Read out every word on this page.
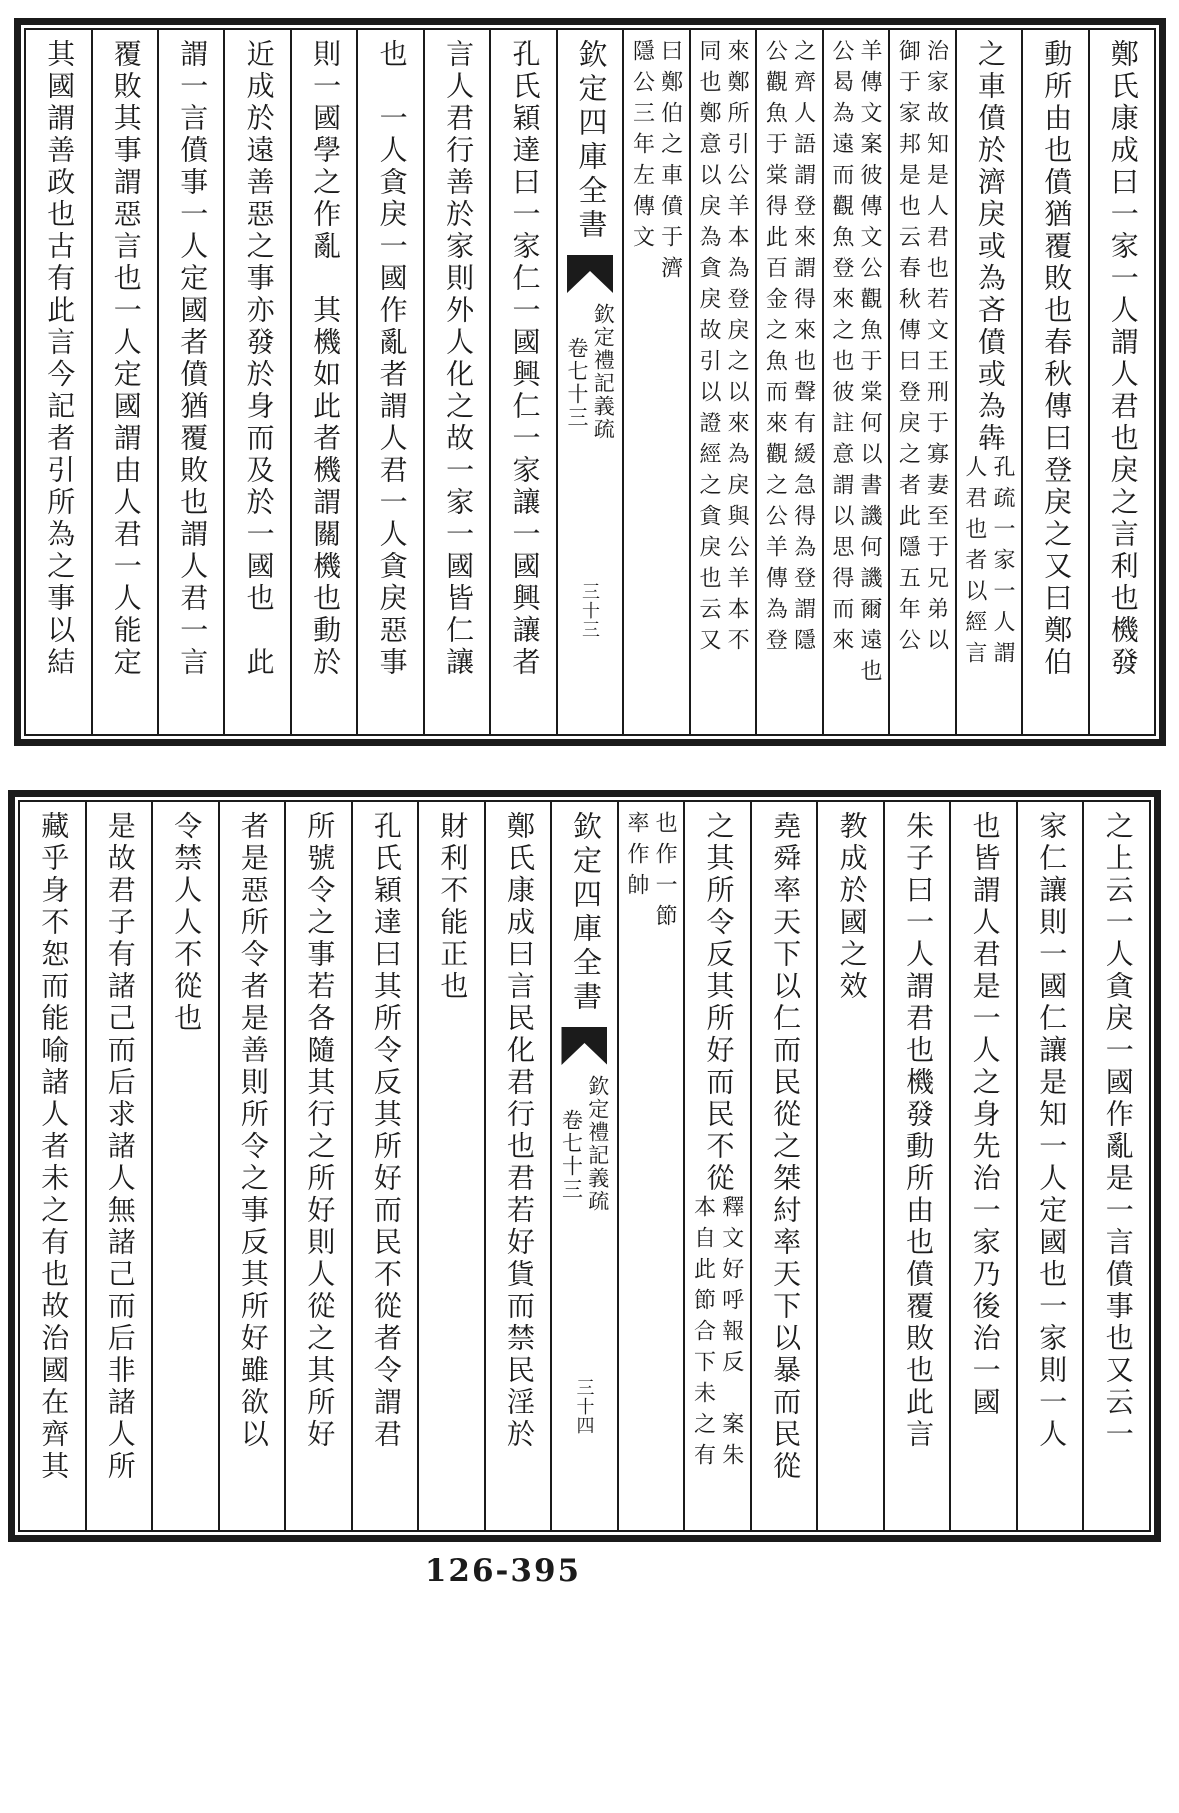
鄭氏康成曰一家一人謂人君也戾之言利也機發
動所由也僨猶覆敗也春秋傳曰登戾之又曰鄭伯
之車僨於濟戾或為吝僨或為犇
孔疏一家一人謂
人君也者以經言
治家故知是人君也若文王刑于寡妻至于兄弟以
御于家邦是也云春秋傳曰登戾之者此隱五年公
羊傳文案彼傳文公觀魚于棠何以書譏何譏爾遠也
公曷為遠而觀魚登來之也彼註意謂以思得而來
之齊人語謂登來謂得來也聲有緩急得為登謂隱
公觀魚于棠得此百金之魚而來觀之公羊傳為登
來鄭所引公羊本為登戾之以來為戾與公羊本不
同也鄭意以戾為貪戾故引以證經之貪戾也云又
曰鄭伯之車僨于濟
隱公三年左傳文
欽定四庫全書
欽定禮記義疏
卷七十三
三十三
孔氏穎達曰一家仁一國興仁一家讓一國興讓者
言人君行善於家則外人化之故一家一國皆仁讓
也　一人貪戾一國作亂者謂人君一人貪戾惡事
則一國學之作亂　其機如此者機謂關機也動於
近成於遠善惡之事亦發於身而及於一國也　此
謂一言僨事一人定國者僨猶覆敗也謂人君一言
覆敗其事謂惡言也一人定國謂由人君一人能定
其國謂善政也古有此言今記者引所為之事以結
之上云一人貪戾一國作亂是一言僨事也又云一
家仁讓則一國仁讓是知一人定國也一家則一人
也皆謂人君是一人之身先治一家乃後治一國
朱子曰一人謂君也機發動所由也僨覆敗也此言
教成於國之效
堯舜率天下以仁而民從之桀紂率天下以暴而民從
之其所令反其所好而民不從
釋文好呼報反　案朱
本自此節合下未之有
也作一節
率作帥
欽定四庫全書
欽定禮記義疏
卷七十三
三十四
鄭氏康成曰言民化君行也君若好貨而禁民淫於
財利不能正也
孔氏穎達曰其所令反其所好而民不從者令謂君
所號令之事若各隨其行之所好則人從之其所好
者是惡所令者是善則所令之事反其所好雖欲以
令禁人人不從也
是故君子有諸己而后求諸人無諸己而后非諸人所
藏乎身不恕而能喻諸人者未之有也故治國在齊其
126-395
